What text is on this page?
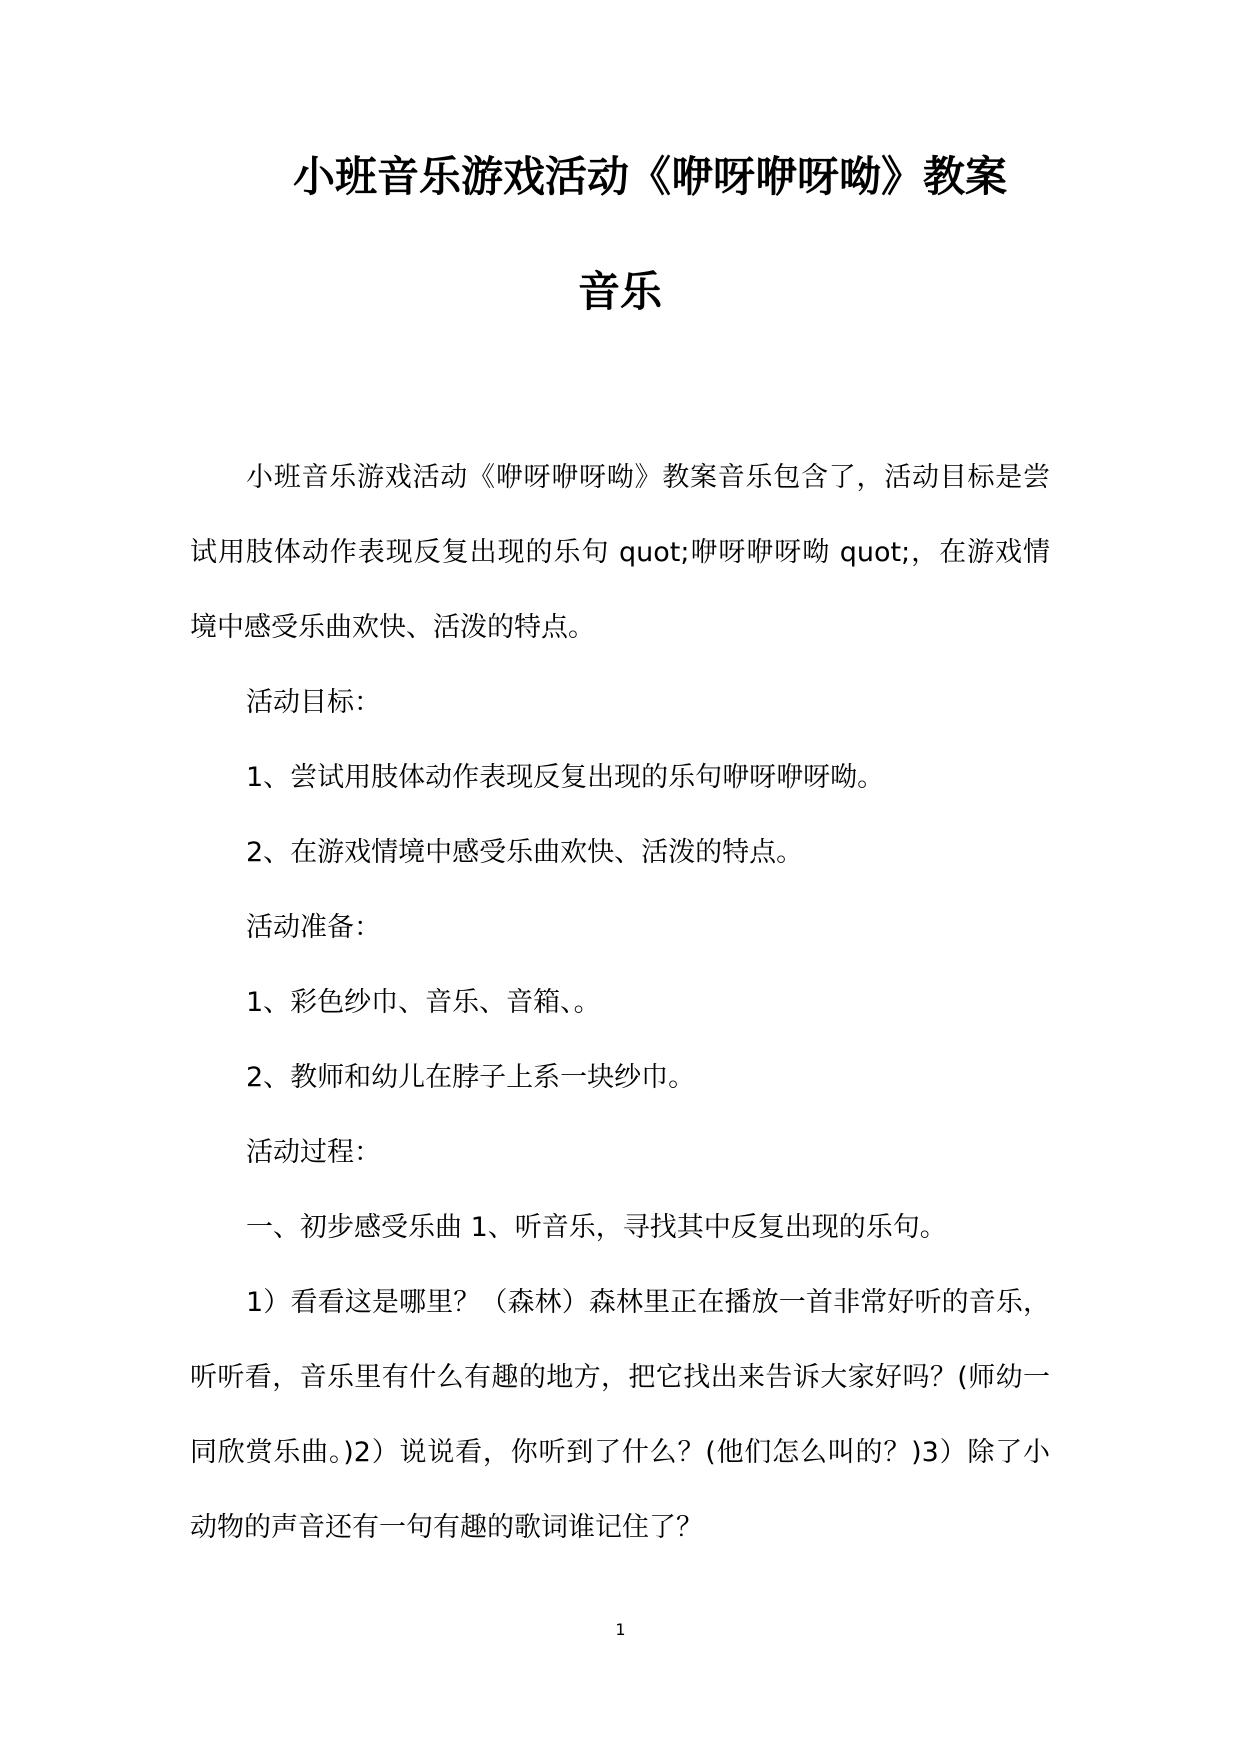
小班音乐游戏活动《咿呀咿呀呦》教案
音乐

小班音乐游戏活动《咿呀咿呀呦》教案音乐包含了，活动目标是尝试用肢体动作表现反复出现的乐句 quot;咿呀咿呀呦 quot;，在游戏情境中感受乐曲欢快、活泼的特点。

活动目标：

1、尝试用肢体动作表现反复出现的乐句咿呀咿呀呦。

2、在游戏情境中感受乐曲欢快、活泼的特点。

活动准备：

1、彩色纱巾、音乐、音箱、。

2、教师和幼儿在脖子上系一块纱巾。

活动过程：

一、初步感受乐曲 1、听音乐，寻找其中反复出现的乐句。

1）看看这是哪里？（森林）森林里正在播放一首非常好听的音乐，听听看，音乐里有什么有趣的地方，把它找出来告诉大家好吗？(师幼一同欣赏乐曲。)2）说说看，你听到了什么？(他们怎么叫的？)3）除了小动物的声音还有一句有趣的歌词谁记住了？

1
